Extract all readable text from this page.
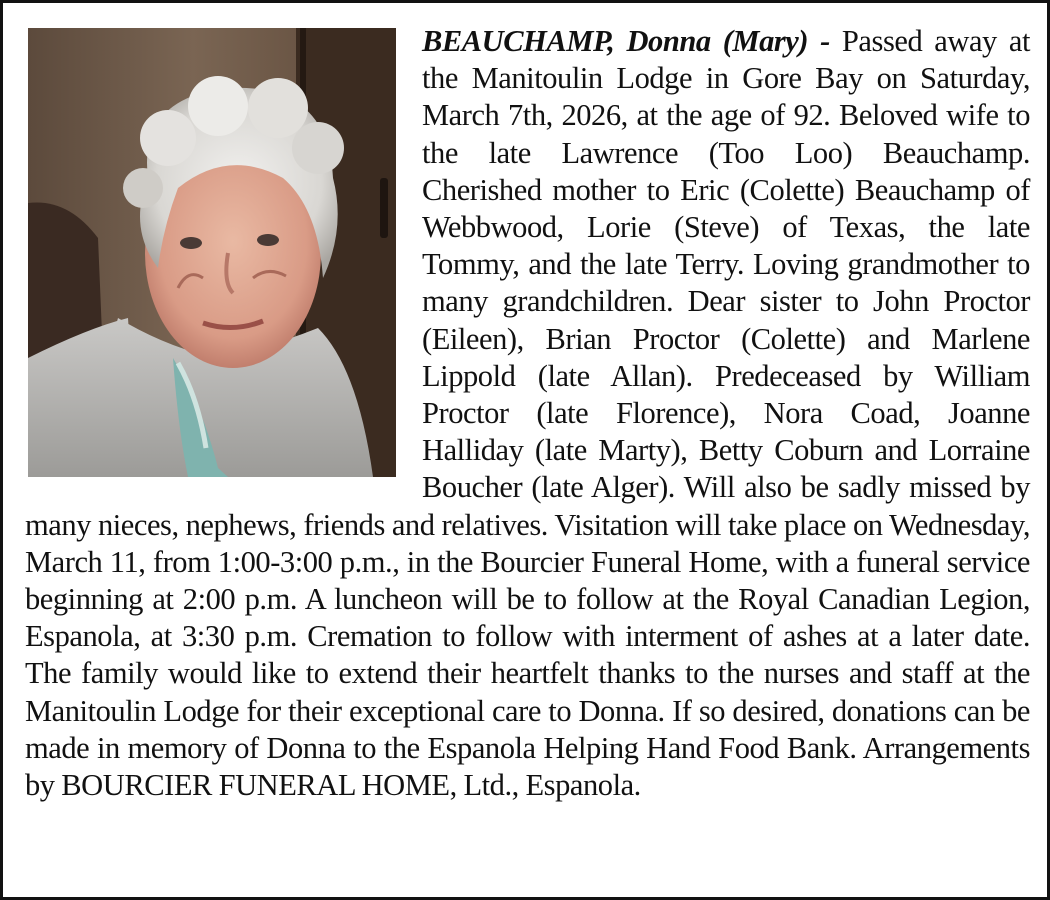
BEAUCHAMP, Donna (Mary) - Passed away at the Manitoulin Lodge in Gore Bay on Saturday, March 7th, 2026, at the age of 92. Beloved wife to the late Lawrence (Too Loo) Beauchamp. Cherished mother to Eric (Colette) Beauchamp of Webbwood, Lorie (Steve) of Texas, the late Tommy, and the late Terry. Loving grandmother to many grandchildren. Dear sister to John Proctor (Eileen), Brian Proctor (Colette) and Marlene Lippold (late Allan). Predeceased by William Proctor (late Florence), Nora Coad, Joanne Halliday (late Marty), Betty Coburn and Lorraine Boucher (late Alger). Will also be sadly missed by many nieces, nephews, friends and relatives. Visitation will take place on Wednesday, March 11, from 1:00-3:00 p.m., in the Bourcier Funeral Home, with a funeral service beginning at 2:00 p.m. A luncheon will be to follow at the Royal Canadian Legion, Espanola, at 3:30 p.m. Cremation to follow with interment of ashes at a later date. The family would like to extend their heartfelt thanks to the nurses and staff at the Manitoulin Lodge for their exceptional care to Donna. If so desired, donations can be made in memory of Donna to the Espanola Helping Hand Food Bank. Arrangements by BOURCIER FUNERAL HOME, Ltd., Espanola.
